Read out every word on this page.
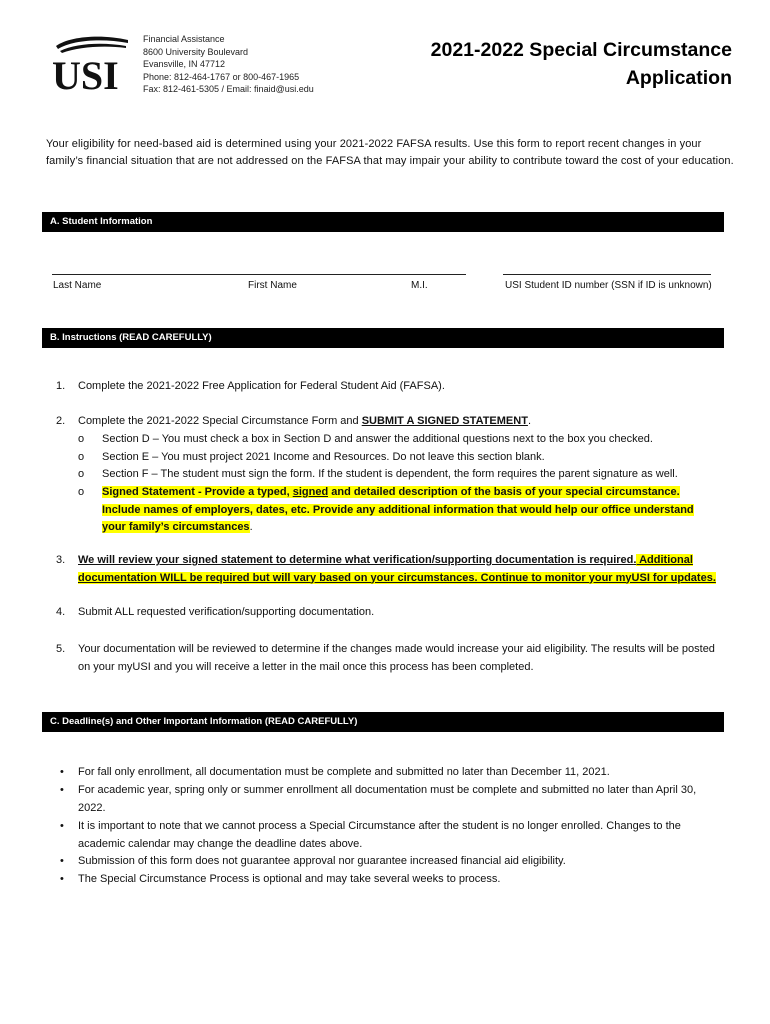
USI
Financial Assistance
8600 University Boulevard
Evansville, IN 47712
Phone: 812-464-1767 or 800-467-1965
Fax: 812-461-5305 / Email: finaid@usi.edu
2021-2022 Special Circumstance
Application
Your eligibility for need-based aid is determined using your 2021-2022 FAFSA results. Use this form to report recent changes in your family’s financial situation that are not addressed on the FAFSA that may impair your ability to contribute toward the cost of your education.
A. Student Information
Last Name	First Name	M.I.	USI Student ID number (SSN if ID is unknown)
B. Instructions (READ CAREFULLY)
1.	Complete the 2021-2022 Free Application for Federal Student Aid (FAFSA).
2.	Complete the 2021-2022 Special Circumstance Form and SUBMIT A SIGNED STATEMENT.
o Section D – You must check a box in Section D and answer the additional questions next to the box you checked.
o Section E – You must project 2021 Income and Resources. Do not leave this section blank.
o Section F – The student must sign the form. If the student is dependent, the form requires the parent signature as well.
o Signed Statement - Provide a typed, signed and detailed description of the basis of your special circumstance. Include names of employers, dates, etc. Provide any additional information that would help our office understand your family’s circumstances.
3.	We will review your signed statement to determine what verification/supporting documentation is required. Additional documentation WILL be required but will vary based on your circumstances. Continue to monitor your myUSI for updates.
4.	Submit ALL requested verification/supporting documentation.
5.	Your documentation will be reviewed to determine if the changes made would increase your aid eligibility. The results will be posted on your myUSI and you will receive a letter in the mail once this process has been completed.
C. Deadline(s) and Other Important Information (READ CAREFULLY)
• For fall only enrollment, all documentation must be complete and submitted no later than December 11, 2021.
• For academic year, spring only or summer enrollment all documentation must be complete and submitted no later than April 30, 2022.
• It is important to note that we cannot process a Special Circumstance after the student is no longer enrolled. Changes to the academic calendar may change the deadline dates above.
• Submission of this form does not guarantee approval nor guarantee increased financial aid eligibility.
• The Special Circumstance Process is optional and may take several weeks to process.
